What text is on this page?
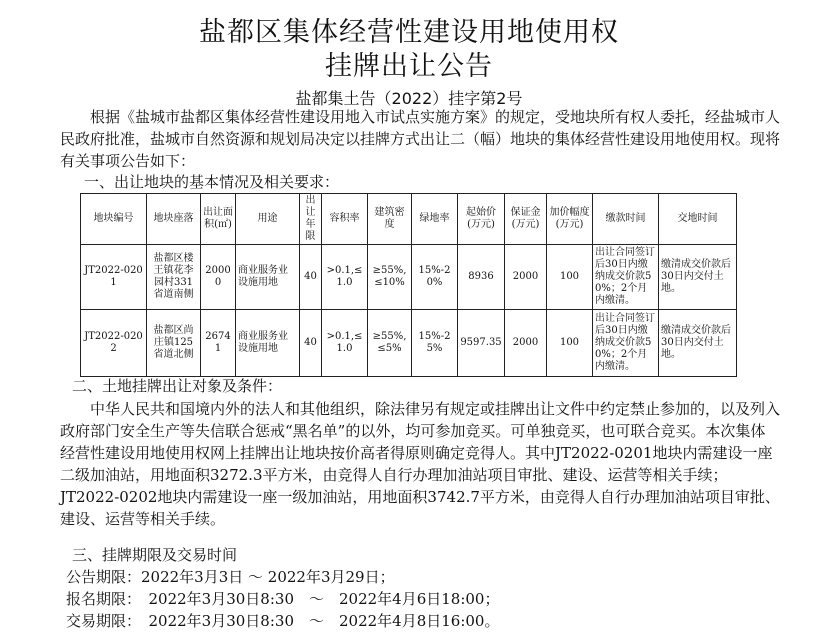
盐都区集体经营性建设用地使用权
挂牌出让公告
盐都集土告（2022）挂字第2号
根据《盐城市盐都区集体经营性建设用地入市试点实施方案》的规定，受地块所有权人委托，经盐城市人民政府批准，盐城市自然资源和规划局决定以挂牌方式出让二（幅）地块的集体经营性建设用地使用权。现将有关事项公告如下：
一、出让地块的基本情况及相关要求：
地块编号	地块座落	出让面积(㎡)	用途	出让年限	容积率	建筑密度	绿地率	起始价(万元)	保证金(万元)	加价幅度(万元)	缴款时间	交地时间
JT2022-0201	盐都区楼王镇花李园村331省道南侧	20000	商业服务业设施用地	40	>0.1,≤1.0	≥55%,≤10%	15%-20%	8936	2000	100	出让合同签订后30日内缴纳成交价款50%；2个月内缴清。	缴清成交价款后30日内交付土地。
JT2022-0202	盐都区尚庄镇125省道北侧	26741	商业服务业设施用地	40	>0.1,≤1.0	≥55%,≤5%	15%-25%	9597.35	2000	100	出让合同签订后30日内缴纳成交价款50%；2个月内缴清。	缴清成交价款后30日内交付土地。
二、土地挂牌出让对象及条件：
中华人民共和国境内外的法人和其他组织，除法律另有规定或挂牌出让文件中约定禁止参加的，以及列入政府部门安全生产等失信联合惩戒“黑名单”的以外，均可参加竞买。可单独竞买，也可联合竞买。本次集体经营性建设用地使用权网上挂牌出让地块按价高者得原则确定竞得人。其中JT2022-0201地块内需建设一座二级加油站，用地面积3272.3平方米，由竞得人自行办理加油站项目审批、建设、运营等相关手续；JT2022-0202地块内需建设一座一级加油站，用地面积3742.7平方米，由竞得人自行办理加油站项目审批、建设、运营等相关手续。
三、挂牌期限及交易时间
公告期限：2022年3月3日 ～ 2022年3月29日；
报名期限：　2022年3月30日8:30　～　2022年4月6日18:00；
交易期限：　2022年3月30日8:30　～　2022年4月8日16:00。
